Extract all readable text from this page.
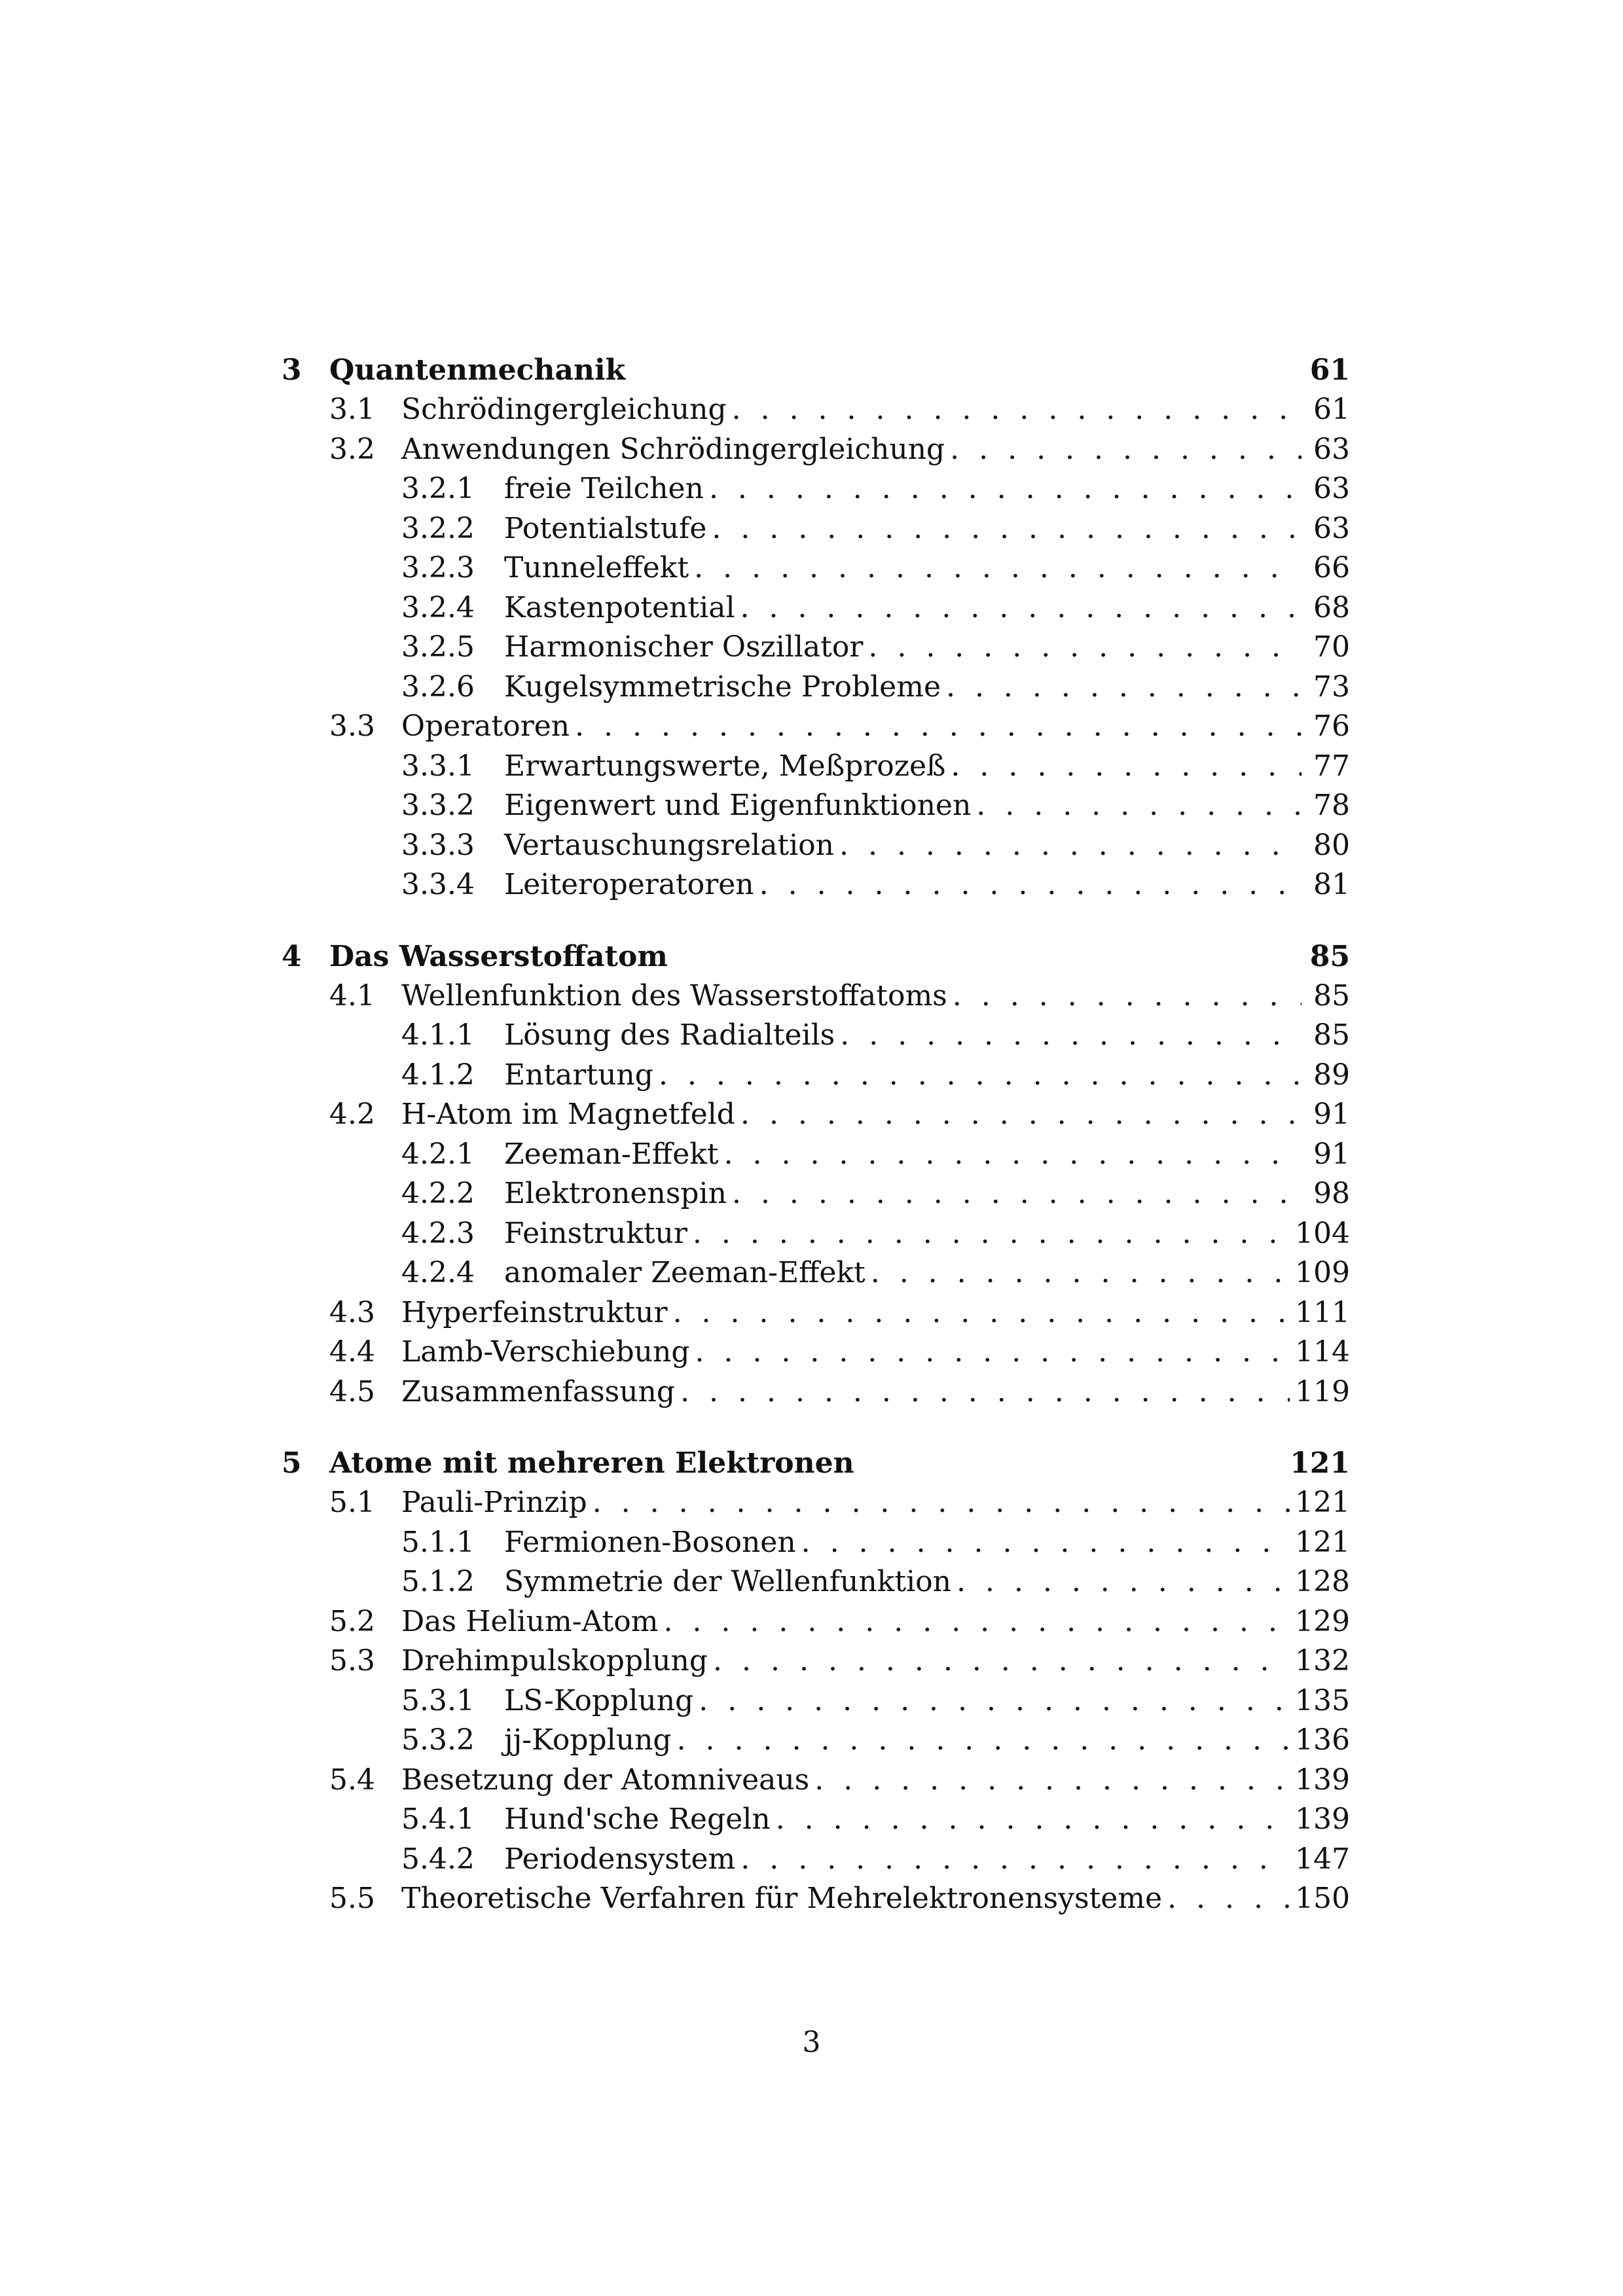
3 Quantenmechanik	61
3.1 Schrödingergleichung . . .	61
3.2 Anwendungen Schrödingergleichung . . .	63
3.2.1	freie Teilchen . . .	63
3.2.2	Potentialstufe . . .	63
3.2.3	Tunneleffekt . . .	66
3.2.4	Kastenpotential . . .	68
3.2.5	Harmonischer Oszillator . . .	70
3.2.6	Kugelsymmetrische Probleme . . .	73
3.3 Operatoren . . .	76
3.3.1	Erwartungswerte, Meßprozeß . . .	77
3.3.2	Eigenwert und Eigenfunktionen . . .	78
3.3.3	Vertauschungsrelation . . .	80
3.3.4	Leiteroperatoren . . .	81
4 Das Wasserstoffatom	85
4.1 Wellenfunktion des Wasserstoffatoms . . .	85
4.1.1	Lösung des Radialteils . . .	85
4.1.2	Entartung . . .	89
4.2 H-Atom im Magnetfeld . . .	91
4.2.1	Zeeman-Effekt . . .	91
4.2.2	Elektronenspin . . .	98
4.2.3	Feinstruktur . . .	104
4.2.4	anomaler Zeeman-Effekt . . .	109
4.3 Hyperfeinstruktur . . .	111
4.4 Lamb-Verschiebung . . .	114
4.5 Zusammenfassung . . .	119
5 Atome mit mehreren Elektronen	121
5.1 Pauli-Prinzip . . .	121
5.1.1	Fermionen-Bosonen . . .	121
5.1.2	Symmetrie der Wellenfunktion . . .	128
5.2 Das Helium-Atom . . .	129
5.3 Drehimpulskopplung . . .	132
5.3.1	LS-Kopplung . . .	135
5.3.2	jj-Kopplung . . .	136
5.4 Besetzung der Atomniveaus . . .	139
5.4.1	Hund'sche Regeln . . .	139
5.4.2	Periodensystem . . .	147
5.5 Theoretische Verfahren für Mehrelektronensysteme . . .	150
3
